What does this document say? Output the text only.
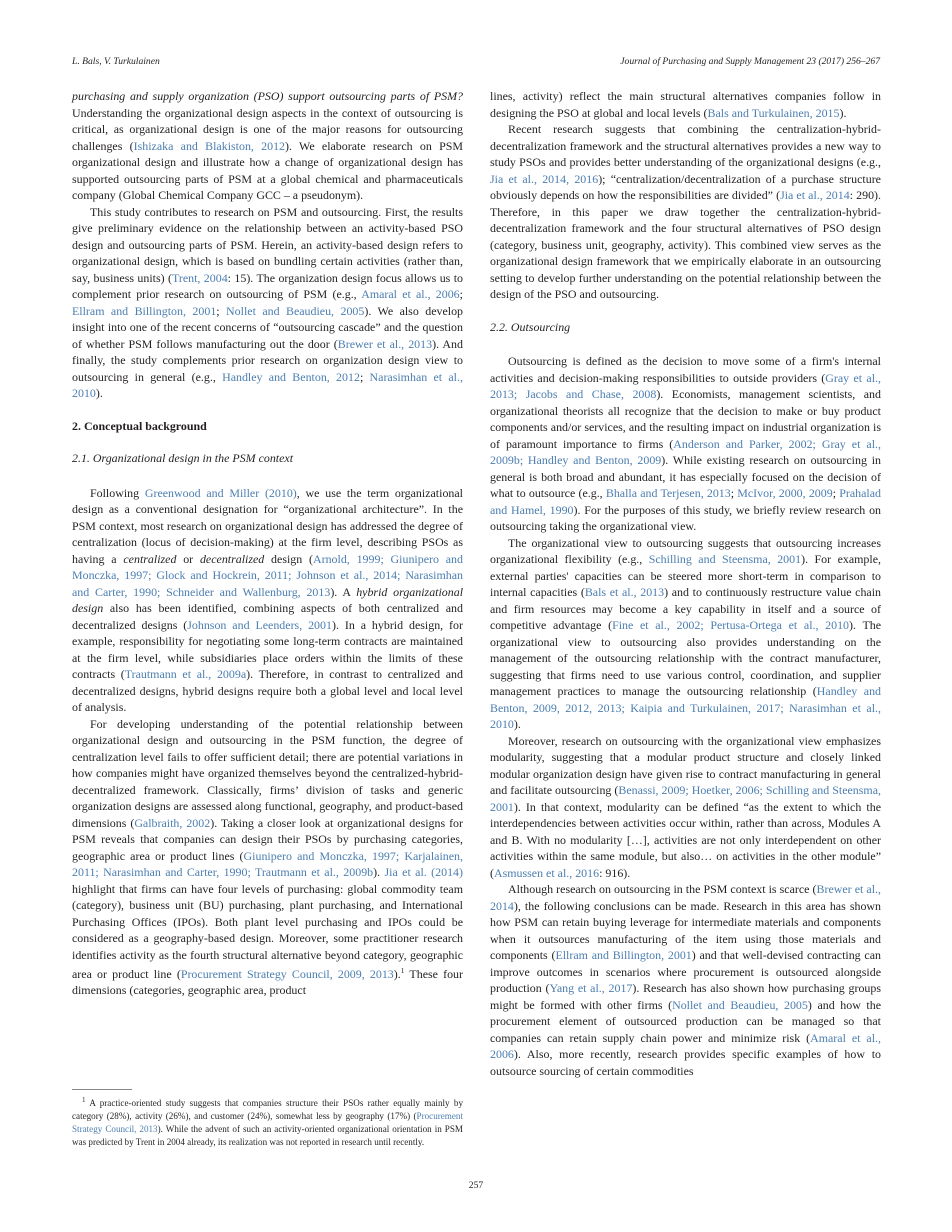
L. Bals, V. Turkulainen	Journal of Purchasing and Supply Management 23 (2017) 256–267

purchasing and supply organization (PSO) support outsourcing parts of PSM? Understanding the organizational design aspects in the context of outsourcing is critical, as organizational design is one of the major reasons for outsourcing challenges (Ishizaka and Blakiston, 2012). We elaborate research on PSM organizational design and illustrate how a change of organizational design has supported outsourcing parts of PSM at a global chemical and pharmaceuticals company (Global Chemical Company GCC – a pseudonym).

This study contributes to research on PSM and outsourcing. First, the results give preliminary evidence on the relationship between an activity-based PSO design and outsourcing parts of PSM. Herein, an activity-based design refers to organizational design, which is based on bundling certain activities (rather than, say, business units) (Trent, 2004: 15). The organization design focus allows us to complement prior research on outsourcing of PSM (e.g., Amaral et al., 2006; Ellram and Billington, 2001; Nollet and Beaudieu, 2005). We also develop insight into one of the recent concerns of “outsourcing cascade” and the question of whether PSM follows manufacturing out the door (Brewer et al., 2013). And finally, the study complements prior research on organization design view to outsourcing in general (e.g., Handley and Benton, 2012; Narasimhan et al., 2010).

2. Conceptual background
2.1. Organizational design in the PSM context

Following Greenwood and Miller (2010), we use the term organizational design as a conventional designation for “organizational architecture”. In the PSM context, most research on organizational design has addressed the degree of centralization (locus of decision-making) at the firm level, describing PSOs as having a centralized or decentralized design (Arnold, 1999; Giunipero and Monczka, 1997; Glock and Hockrein, 2011; Johnson et al., 2014; Narasimhan and Carter, 1990; Schneider and Wallenburg, 2013). A hybrid organizational design also has been identified, combining aspects of both centralized and decentralized designs (Johnson and Leenders, 2001). In a hybrid design, for example, responsibility for negotiating some long-term contracts are maintained at the firm level, while subsidiaries place orders within the limits of these contracts (Trautmann et al., 2009a). Therefore, in contrast to centralized and decentralized designs, hybrid designs require both a global level and local level of analysis.

For developing understanding of the potential relationship between organizational design and outsourcing in the PSM function, the degree of centralization level fails to offer sufficient detail; there are potential variations in how companies might have organized themselves beyond the centralized-hybrid-decentralized framework. Classically, firms’ division of tasks and generic organization designs are assessed along functional, geography, and product-based dimensions (Galbraith, 2002). Taking a closer look at organizational designs for PSM reveals that companies can design their PSOs by purchasing categories, geographic area or product lines (Giunipero and Monczka, 1997; Karjalainen, 2011; Narasimhan and Carter, 1990; Trautmann et al., 2009b). Jia et al. (2014) highlight that firms can have four levels of purchasing: global commodity team (category), business unit (BU) purchasing, plant purchasing, and International Purchasing Offices (IPOs). Both plant level purchasing and IPOs could be considered as a geography-based design. Moreover, some practitioner research identifies activity as the fourth structural alternative beyond category, geographic area or product line (Procurement Strategy Council, 2009, 2013).$^1$ These four dimensions (categories, geographic area, product

$^1$ A practice-oriented study suggests that companies structure their PSOs rather equally mainly by category (28%), activity (26%), and customer (24%), somewhat less by geography (17%) (Procurement Strategy Council, 2013). While the advent of such an activity-oriented organizational orientation in PSM was predicted by Trent in 2004 already, its realization was not reported in research until recently.

lines, activity) reflect the main structural alternatives companies follow in designing the PSO at global and local levels (Bals and Turkulainen, 2015).

Recent research suggests that combining the centralization-hybrid-decentralization framework and the structural alternatives provides a new way to study PSOs and provides better understanding of the organizational designs (e.g., Jia et al., 2014, 2016); “centralization/decentralization of a purchase structure obviously depends on how the responsibilities are divided” (Jia et al., 2014: 290). Therefore, in this paper we draw together the centralization-hybrid-decentralization framework and the four structural alternatives of PSO design (category, business unit, geography, activity). This combined view serves as the organizational design framework that we empirically elaborate in an outsourcing setting to develop further understanding on the potential relationship between the design of the PSO and outsourcing.

2.2. Outsourcing

Outsourcing is defined as the decision to move some of a firm's internal activities and decision-making responsibilities to outside providers (Gray et al., 2013; Jacobs and Chase, 2008). Economists, management scientists, and organizational theorists all recognize that the decision to make or buy product components and/or services, and the resulting impact on industrial organization is of paramount importance to firms (Anderson and Parker, 2002; Gray et al., 2009b; Handley and Benton, 2009). While existing research on outsourcing in general is both broad and abundant, it has especially focused on the decision of what to outsource (e.g., Bhalla and Terjesen, 2013; McIvor, 2000, 2009; Prahalad and Hamel, 1990). For the purposes of this study, we briefly review research on outsourcing taking the organizational view.

The organizational view to outsourcing suggests that outsourcing increases organizational flexibility (e.g., Schilling and Steensma, 2001). For example, external parties' capacities can be steered more short-term in comparison to internal capacities (Bals et al., 2013) and to continuously restructure value chain and firm resources may become a key capability in itself and a source of competitive advantage (Fine et al., 2002; Pertusa-Ortega et al., 2010). The organizational view to outsourcing also provides understanding on the management of the outsourcing relationship with the contract manufacturer, suggesting that firms need to use various control, coordination, and supplier management practices to manage the outsourcing relationship (Handley and Benton, 2009, 2012, 2013; Kaipia and Turkulainen, 2017; Narasimhan et al., 2010).

Moreover, research on outsourcing with the organizational view emphasizes modularity, suggesting that a modular product structure and closely linked modular organization design have given rise to contract manufacturing in general and facilitate outsourcing (Benassi, 2009; Hoetker, 2006; Schilling and Steensma, 2001). In that context, modularity can be defined “as the extent to which the interdependencies between activities occur within, rather than across, Modules A and B. With no modularity […], activities are not only interdependent on other activities within the same module, but also… on activities in the other module” (Asmussen et al., 2016: 916).

Although research on outsourcing in the PSM context is scarce (Brewer et al., 2014), the following conclusions can be made. Research in this area has shown how PSM can retain buying leverage for intermediate materials and components when it outsources manufacturing of the item using those materials and components (Ellram and Billington, 2001) and that well-devised contracting can improve outcomes in scenarios where procurement is outsourced alongside production (Yang et al., 2017). Research has also shown how purchasing groups might be formed with other firms (Nollet and Beaudieu, 2005) and how the procurement element of outsourced production can be managed so that companies can retain supply chain power and minimize risk (Amaral et al., 2006). Also, more recently, research provides specific examples of how to outsource sourcing of certain commodities

257
